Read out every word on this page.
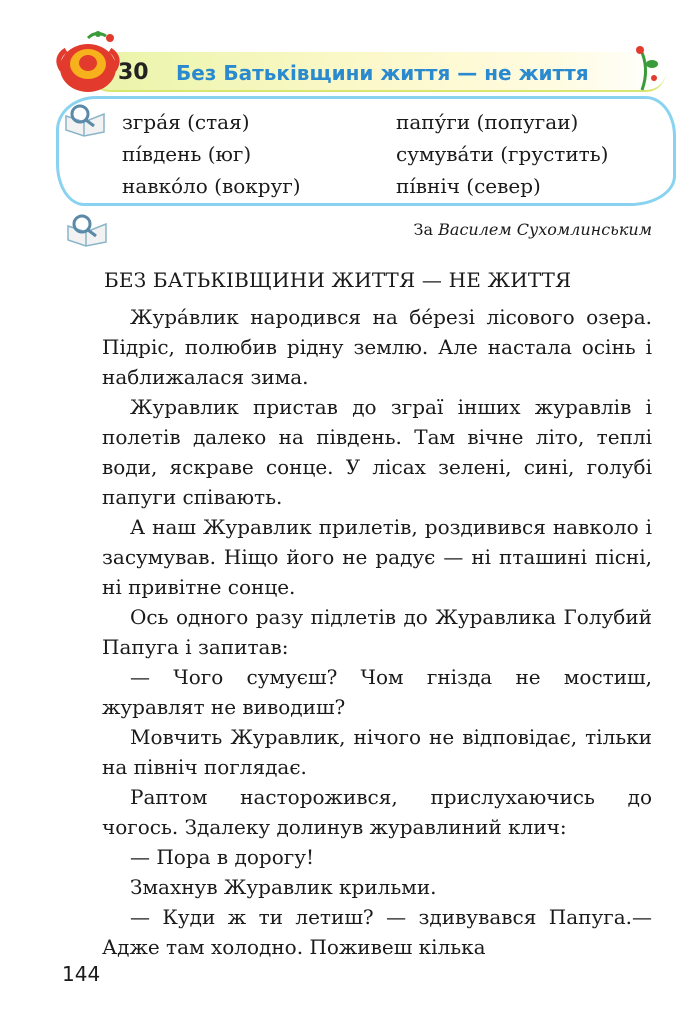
30 Без Батьківщини життя — не життя
згра́я (стая)
пі́вдень (юг)
навко́ло (вокруг)
папу́ги (попугаи)
сумува́ти (грустить)
пі́вніч (север)
За Василем Сухомлинським
БЕЗ БАТЬКІВЩИНИ ЖИТТЯ — НЕ ЖИТТЯ

Жура́влик народився на бе́резі лісового озера. Підріс, полюбив рідну землю. Але настала осінь і наближалася зима.

Журавлик пристав до зграї інших журавлів і полетів далеко на південь. Там вічне літо, теплі води, яскраве сонце. У лісах зелені, сині, голубі папуги співають.

А наш Журавлик прилетів, роздивився навколо і засумував. Ніщо його не радує — ні пташині пісні, ні привітне сонце.

Ось одного разу підлетів до Журавлика Голубий Папуга і запитав:

— Чого сумуєш? Чом гнізда не мостиш, журавлят не виводиш?

Мовчить Журавлик, нічого не відповідає, тільки на північ поглядає.

Раптом насторожився, прислухаючись до чогось. Здалеку долинув журавлиний клич:

— Пора в дорогу!

Змахнув Журавлик крильми.

— Куди ж ти летиш? — здивувався Папуга.— Адже там холодно. Поживеш кілька

144
